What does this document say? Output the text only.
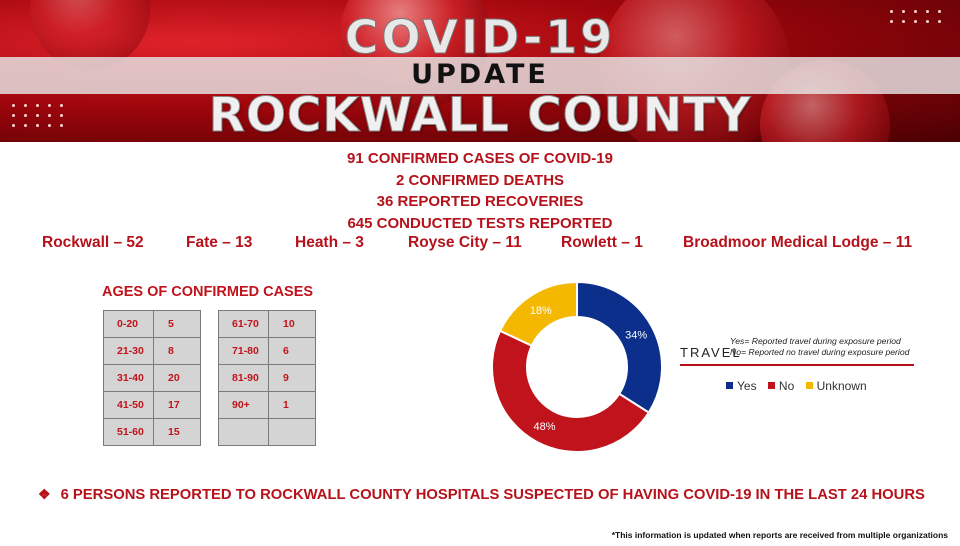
COVID-19
UPDATE
ROCKWALL COUNTY
91 CONFIRMED CASES OF COVID-19
2 CONFIRMED DEATHS
36 REPORTED RECOVERIES
645 CONDUCTED TESTS REPORTED
Rockwall – 52	Fate – 13	Heath – 3	Royse City – 11	Rowlett – 1	Broadmoor Medical Lodge – 11
AGES OF CONFIRMED CASES
0-20	5
21-30	8
31-40	20
41-50	17
51-60	15
61-70	10
71-80	6
81-90	9
90+	1

34%
48%
18%
TRAVEL
Yes= Reported travel during exposure period
No= Reported no travel during exposure period
Yes No Unknown
❖ 6 PERSONS REPORTED TO ROCKWALL COUNTY HOSPITALS SUSPECTED OF HAVING COVID-19 IN THE LAST 24 HOURS
*This information is updated when reports are received from multiple organizations
